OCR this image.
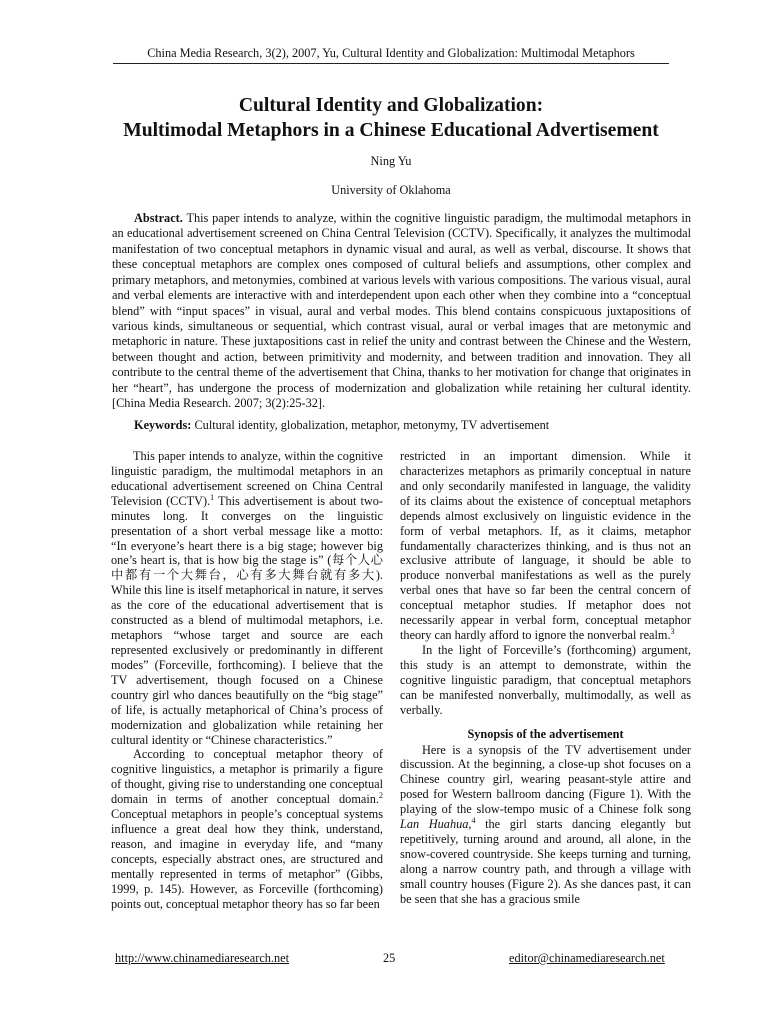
China Media Research, 3(2), 2007, Yu, Cultural Identity and Globalization: Multimodal Metaphors
Cultural Identity and Globalization:
Multimodal Metaphors in a Chinese Educational Advertisement
Ning Yu
University of Oklahoma

Abstract. This paper intends to analyze, within the cognitive linguistic paradigm, the multimodal metaphors in an educational advertisement screened on China Central Television (CCTV). Specifically, it analyzes the multimodal manifestation of two conceptual metaphors in dynamic visual and aural, as well as verbal, discourse. It shows that these conceptual metaphors are complex ones composed of cultural beliefs and assumptions, other complex and primary metaphors, and metonymies, combined at various levels with various compositions. The various visual, aural and verbal elements are interactive with and interdependent upon each other when they combine into a “conceptual blend” with “input spaces” in visual, aural and verbal modes. This blend contains conspicuous juxtapositions of various kinds, simultaneous or sequential, which contrast visual, aural or verbal images that are metonymic and metaphoric in nature. These juxtapositions cast in relief the unity and contrast between the Chinese and the Western, between thought and action, between primitivity and modernity, and between tradition and innovation. They all contribute to the central theme of the advertisement that China, thanks to her motivation for change that originates in her “heart”, has undergone the process of modernization and globalization while retaining her cultural identity. [China Media Research. 2007; 3(2):25-32].

Keywords: Cultural identity, globalization, metaphor, metonymy, TV advertisement

This paper intends to analyze, within the cognitive linguistic paradigm, the multimodal metaphors in an educational advertisement screened on China Central Television (CCTV).$^1$ This advertisement is about two-minutes long. It converges on the linguistic presentation of a short verbal message like a motto: “In everyone’s heart there is a big stage; however big one’s heart is, that is how big the stage is” (每个人心中都有一个大舞台，心有多大舞台就有多大). While this line is itself metaphorical in nature, it serves as the core of the educational advertisement that is constructed as a blend of multimodal metaphors, i.e. metaphors “whose target and source are each represented exclusively or predominantly in different modes” (Forceville, forthcoming). I believe that the TV advertisement, though focused on a Chinese country girl who dances beautifully on the “big stage” of life, is actually metaphorical of China’s process of modernization and globalization while retaining her cultural identity or “Chinese characteristics.”

According to conceptual metaphor theory of cognitive linguistics, a metaphor is primarily a figure of thought, giving rise to understanding one conceptual domain in terms of another conceptual domain.$^2$ Conceptual metaphors in people’s conceptual systems influence a great deal how they think, understand, reason, and imagine in everyday life, and “many concepts, especially abstract ones, are structured and mentally represented in terms of metaphor” (Gibbs, 1999, p. 145). However, as Forceville (forthcoming) points out, conceptual metaphor theory has so far been

restricted in an important dimension. While it characterizes metaphors as primarily conceptual in nature and only secondarily manifested in language, the validity of its claims about the existence of conceptual metaphors depends almost exclusively on linguistic evidence in the form of verbal metaphors. If, as it claims, metaphor fundamentally characterizes thinking, and is thus not an exclusive attribute of language, it should be able to produce nonverbal manifestations as well as the purely verbal ones that have so far been the central concern of conceptual metaphor studies. If metaphor does not necessarily appear in verbal form, conceptual metaphor theory can hardly afford to ignore the nonverbal realm.$^3$

In the light of Forceville’s (forthcoming) argument, this study is an attempt to demonstrate, within the cognitive linguistic paradigm, that conceptual metaphors can be manifested nonverbally, multimodally, as well as verbally.

Synopsis of the advertisement

Here is a synopsis of the TV advertisement under discussion. At the beginning, a close-up shot focuses on a Chinese country girl, wearing peasant-style attire and posed for Western ballroom dancing (Figure 1). With the playing of the slow-tempo music of a Chinese folk song Lan Huahua,$^4$ the girl starts dancing elegantly but repetitively, turning around and around, all alone, in the snow-covered countryside. She keeps turning and turning, along a narrow country path, and through a village with small country houses (Figure 2). As she dances past, it can be seen that she has a gracious smile

http://www.chinamediaresearch.net	25	editor@chinamediaresearch.net
